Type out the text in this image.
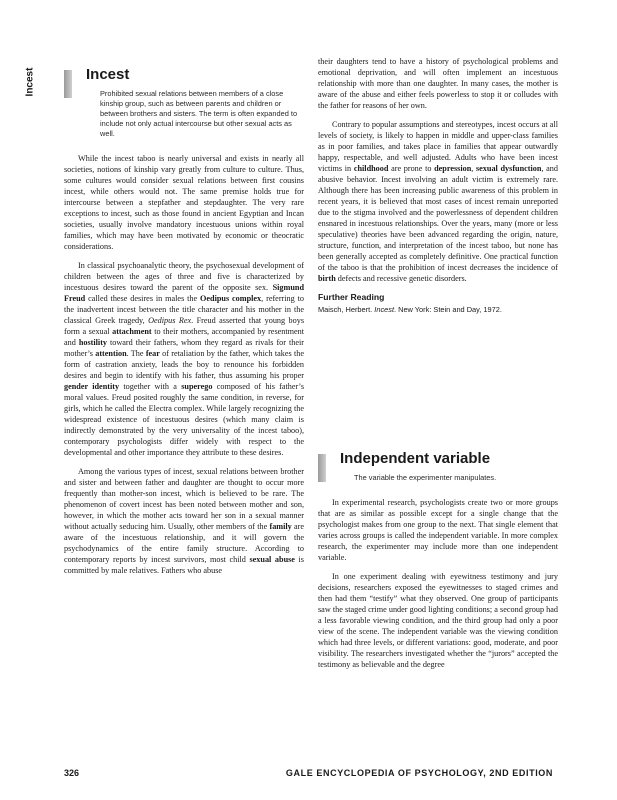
Incest	Incest
Prohibited sexual relations between members of a close kinship group, such as between parents and children or between brothers and sisters. The term is often expanded to include not only actual intercourse but other sexual acts as well.

While the incest taboo is nearly universal and exists in nearly all societies, notions of kinship vary greatly from culture to culture. Thus, some cultures would consider sexual relations between first cousins incest, while others would not. The same premise holds true for intercourse between a stepfather and stepdaughter. The very rare exceptions to incest, such as those found in ancient Egyptian and Incan societies, usually involve mandatory incestuous unions within royal families, which may have been motivated by economic or theocratic considerations.

In classical psychoanalytic theory, the psychosexual development of children between the ages of three and five is characterized by incestuous desires toward the parent of the opposite sex. Sigmund Freud called these desires in males the Oedipus complex, referring to the inadvertent incest between the title character and his mother in the classical Greek tragedy, Oedipus Rex. Freud asserted that young boys form a sexual attachment to their mothers, accompanied by resentment and hostility toward their fathers, whom they regard as rivals for their mother’s attention. The fear of retaliation by the father, which takes the form of castration anxiety, leads the boy to renounce his forbidden desires and begin to identify with his father, thus assuming his proper gender identity together with a superego composed of his father’s moral values. Freud posited roughly the same condition, in reverse, for girls, which he called the Electra complex. While largely recognizing the widespread existence of incestuous desires (which many claim is indirectly demonstrated by the very universality of the incest taboo), contemporary psychologists differ widely with respect to the developmental and other importance they attribute to these desires.

Among the various types of incest, sexual relations between brother and sister and between father and daughter are thought to occur more frequently than mother-son incest, which is believed to be rare. The phenomenon of covert incest has been noted between mother and son, however, in which the mother acts toward her son in a sexual manner without actually seducing him. Usually, other members of the family are aware of the incestuous relationship, and it will govern the psychodynamics of the entire family structure. According to contemporary reports by incest survivors, most child sexual abuse is committed by male relatives. Fathers who abuse

their daughters tend to have a history of psychological problems and emotional deprivation, and will often implement an incestuous relationship with more than one daughter. In many cases, the mother is aware of the abuse and either feels powerless to stop it or colludes with the father for reasons of her own.

Contrary to popular assumptions and stereotypes, incest occurs at all levels of society, is likely to happen in middle and upper-class families as in poor families, and takes place in families that appear outwardly happy, respectable, and well adjusted. Adults who have been incest victims in childhood are prone to depression, sexual dysfunction, and abusive behavior. Incest involving an adult victim is extremely rare. Although there has been increasing public awareness of this problem in recent years, it is believed that most cases of incest remain unreported due to the stigma involved and the powerlessness of dependent children ensnared in incestuous relationships. Over the years, many (more or less speculative) theories have been advanced regarding the origin, nature, structure, function, and interpretation of the incest taboo, but none has been generally accepted as completely definitive. One practical function of the taboo is that the prohibition of incest decreases the incidence of birth defects and recessive genetic disorders.

Further Reading

Maisch, Herbert. Incest. New York: Stein and Day, 1972.

Independent variable
The variable the experimenter manipulates.

In experimental research, psychologists create two or more groups that are as similar as possible except for a single change that the psychologist makes from one group to the next. That single element that varies across groups is called the independent variable. In more complex research, the experimenter may include more than one independent variable.

In one experiment dealing with eyewitness testimony and jury decisions, researchers exposed the eyewitnesses to staged crimes and then had them “testify” what they observed. One group of participants saw the staged crime under good lighting conditions; a second group had a less favorable viewing condition, and the third group had only a poor view of the scene. The independent variable was the viewing condition which had three levels, or different variations: good, moderate, and poor visibility. The researchers investigated whether the “jurors” accepted the testimony as believable and the degree

326	GALE ENCYCLOPEDIA OF PSYCHOLOGY, 2ND EDITION
